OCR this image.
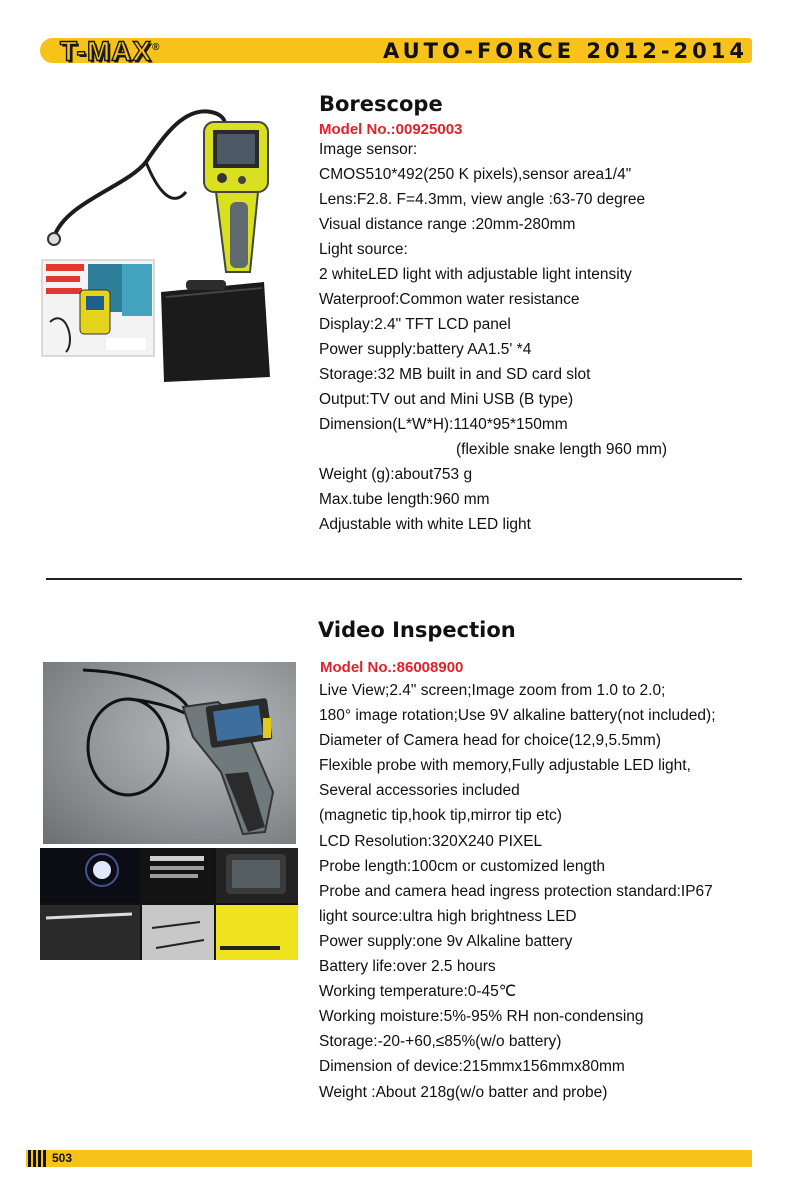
T-MAX®	AUTO-FORCE 2012-2014
Borescope
Model No.:00925003
Image sensor:
CMOS510*492(250 K pixels),sensor area1/4"
Lens:F2.8. F=4.3mm, view angle :63-70 degree
Visual distance range :20mm-280mm
Light source:
2 whiteLED light with adjustable light intensity
Waterproof:Common water resistance
Display:2.4" TFT LCD panel
Power supply:battery AA1.5' *4
Storage:32 MB built in and SD card slot
Output:TV out and Mini USB (B type)
Dimension(L*W*H):1140*95*150mm
(flexible snake length 960 mm)
Weight (g):about753 g
Max.tube length:960 mm
Adjustable with white LED light
Video Inspection
Model No.:86008900
Live View;2.4" screen;Image zoom from 1.0 to 2.0;
180° image rotation;Use 9V alkaline battery(not included);
Diameter of Camera head for choice(12,9,5.5mm)
Flexible probe with memory,Fully adjustable LED light,
Several accessories included
(magnetic tip,hook tip,mirror tip etc)
LCD Resolution:320X240 PIXEL
Probe length:100cm or customized length
Probe and camera head ingress protection standard:IP67
light source:ultra high brightness LED
Power supply:one 9v Alkaline battery
Battery life:over 2.5 hours
Working temperature:0-45℃
Working moisture:5%-95% RH non-condensing
Storage:-20-+60,≤85%(w/o battery)
Dimension of device:215mmx156mmx80mm
Weight :About 218g(w/o batter and probe)
503
